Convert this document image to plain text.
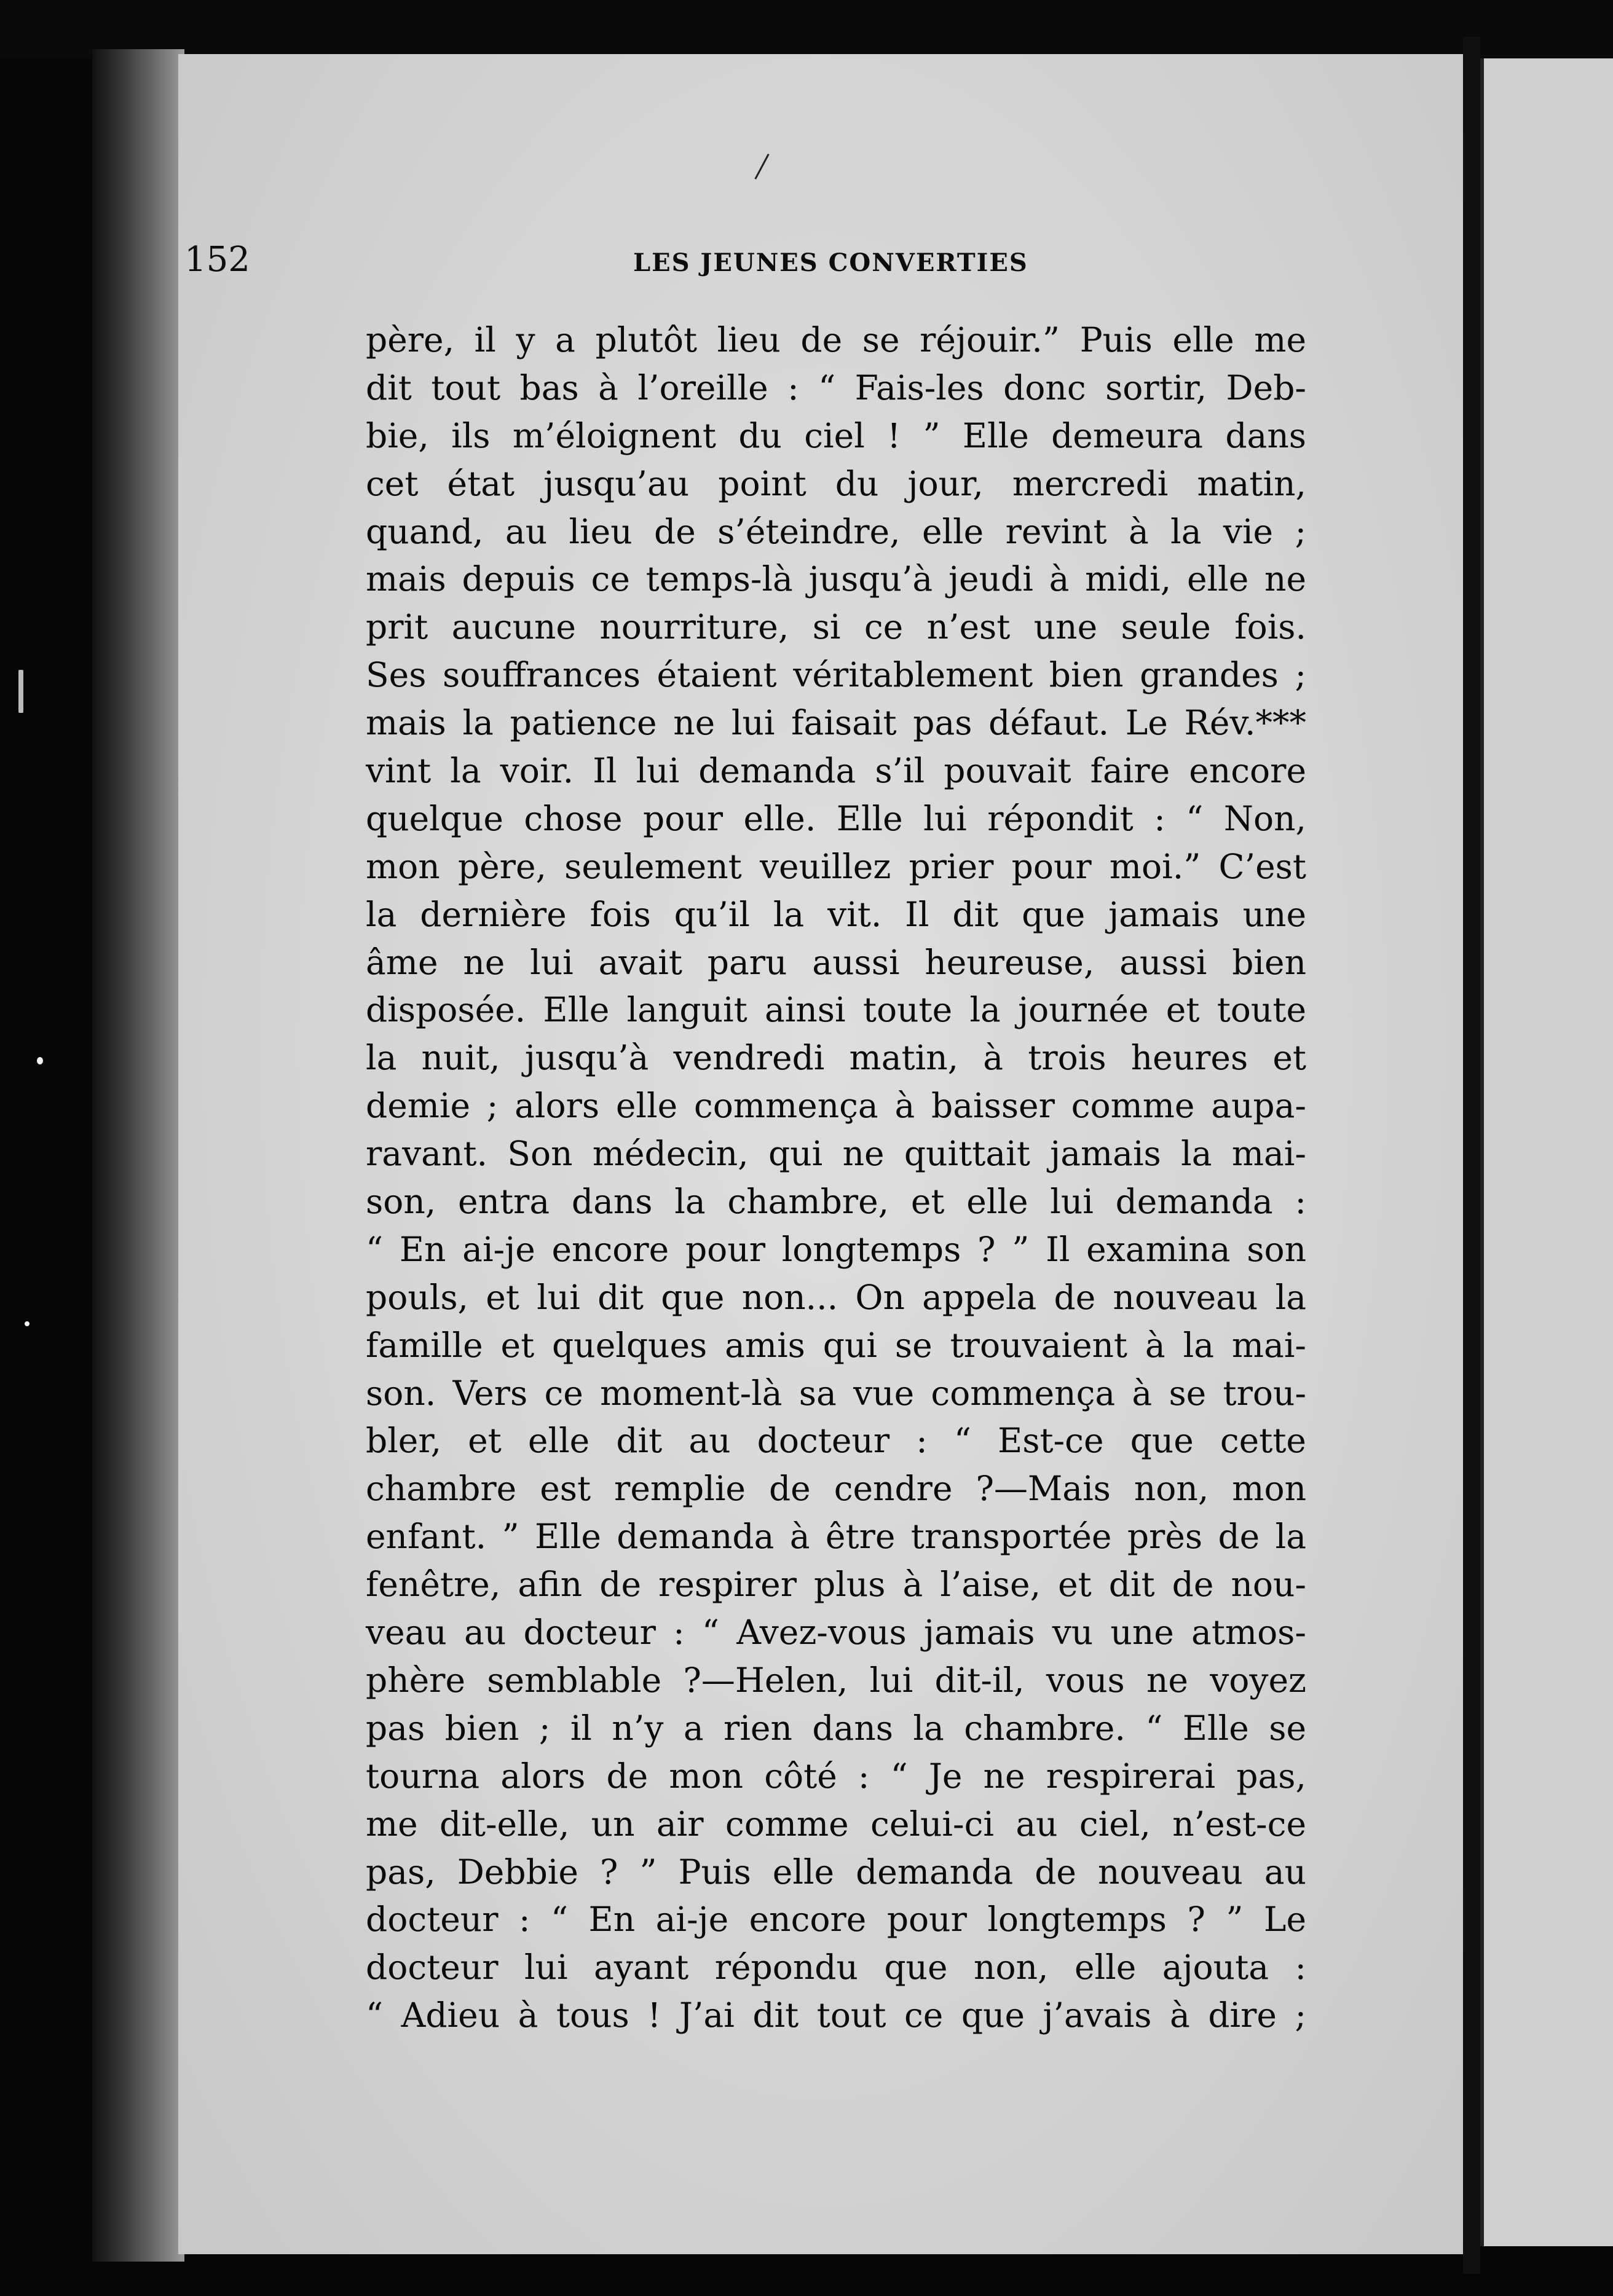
152	LES JEUNES CONVERTIES

père, il y a plutôt lieu de se réjouir.” Puis elle me
dit tout bas à l’oreille : “ Fais-les donc sortir, Deb-
bie, ils m’éloignent du ciel ! ” Elle demeura dans
cet état jusqu’au point du jour, mercredi matin,
quand, au lieu de s’éteindre, elle revint à la vie ;
mais depuis ce temps-là jusqu’à jeudi à midi, elle ne
prit aucune nourriture, si ce n’est une seule fois.
Ses souffrances étaient véritablement bien grandes ;
mais la patience ne lui faisait pas défaut. Le Rév.***
vint la voir. Il lui demanda s’il pouvait faire encore
quelque chose pour elle. Elle lui répondit : “ Non,
mon père, seulement veuillez prier pour moi.” C’est
la dernière fois qu’il la vit. Il dit que jamais une
âme ne lui avait paru aussi heureuse, aussi bien
disposée. Elle languit ainsi toute la journée et toute
la nuit, jusqu’à vendredi matin, à trois heures et
demie ; alors elle commença à baisser comme aupa-
ravant. Son médecin, qui ne quittait jamais la mai-
son, entra dans la chambre, et elle lui demanda :
“ En ai-je encore pour longtemps ? ” Il examina son
pouls, et lui dit que non... On appela de nouveau la
famille et quelques amis qui se trouvaient à la mai-
son. Vers ce moment-là sa vue commença à se trou-
bler, et elle dit au docteur : “ Est-ce que cette
chambre est remplie de cendre ?—Mais non, mon
enfant. ” Elle demanda à être transportée près de la
fenêtre, afin de respirer plus à l’aise, et dit de nou-
veau au docteur : “ Avez-vous jamais vu une atmos-
phère semblable ?—Helen, lui dit-il, vous ne voyez
pas bien ; il n’y a rien dans la chambre. “ Elle se
tourna alors de mon côté : “ Je ne respirerai pas,
me dit-elle, un air comme celui-ci au ciel, n’est-ce
pas, Debbie ? ” Puis elle demanda de nouveau au
docteur : “ En ai-je encore pour longtemps ? ” Le
docteur lui ayant répondu que non, elle ajouta :
“ Adieu à tous ! J’ai dit tout ce que j’avais à dire ;
